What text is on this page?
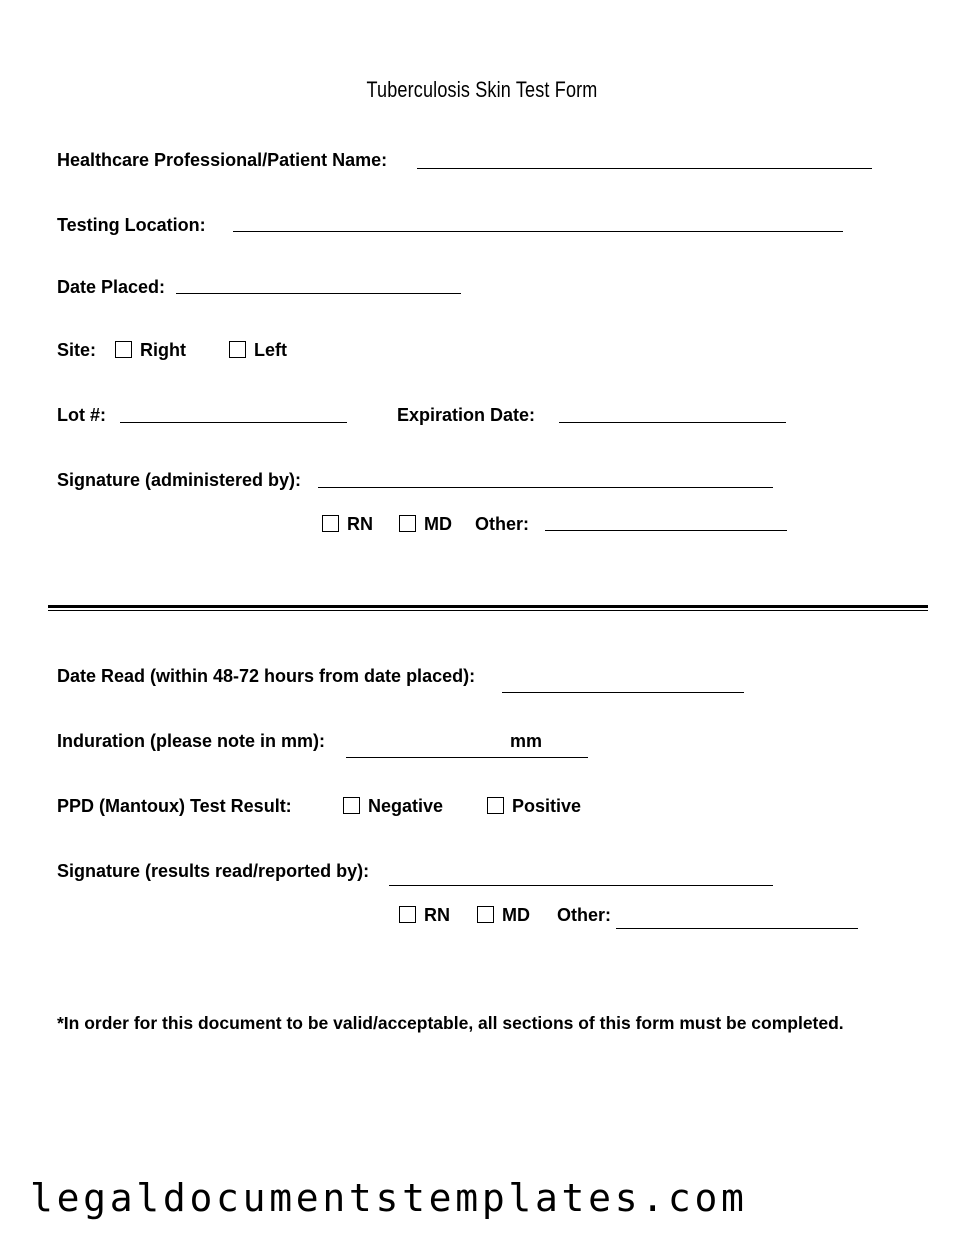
Tuberculosis Skin Test Form
Healthcare Professional/Patient Name:
Testing Location:
Date Placed:
Site: Right	Left
Lot #:	Expiration Date:
Signature (administered by):
RN	MD Other:
Date Read (within 48-72 hours from date placed):
Induration (please note in mm):	mm
PPD (Mantoux) Test Result:	Negative	Positive
Signature (results read/reported by):
RN	MD Other:
*In order for this document to be valid/acceptable, all sections of this form must be completed.
legaldocumentstemplates.com
